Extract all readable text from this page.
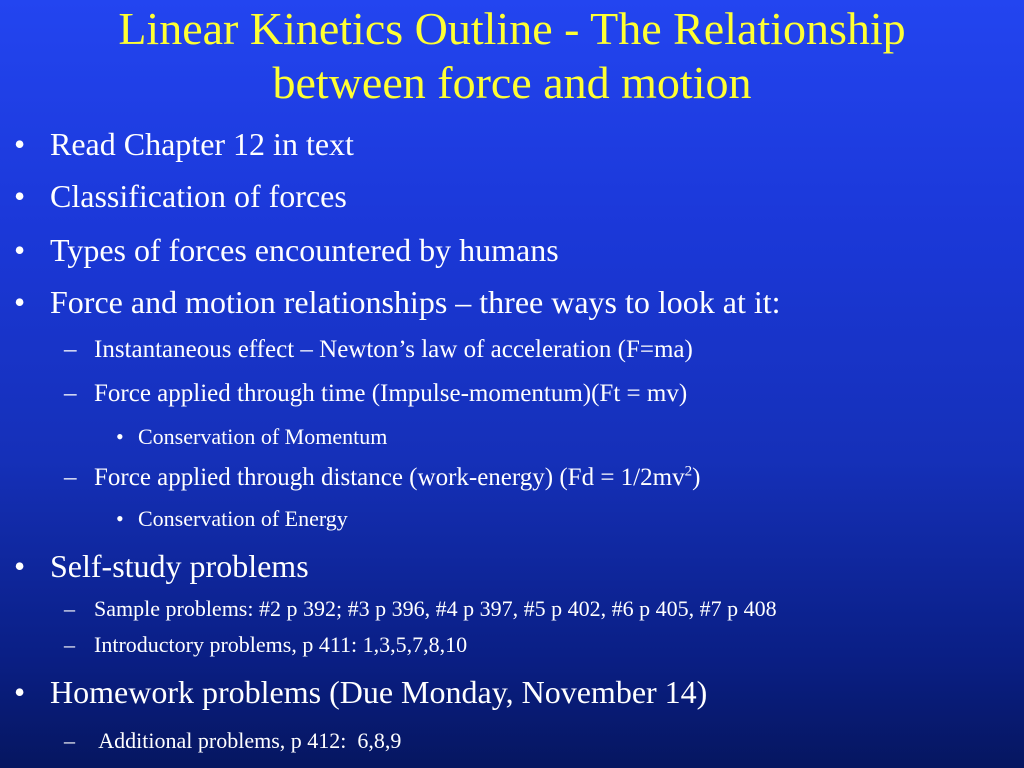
Linear Kinetics Outline - The Relationship
between force and motion
• Read Chapter 12 in text
• Classification of forces
• Types of forces encountered by humans
• Force and motion relationships – three ways to look at it:
– Instantaneous effect – Newton’s law of acceleration (F=ma)
– Force applied through time (Impulse-momentum)(Ft = mv)
• Conservation of Momentum
– Force applied through distance (work-energy) $(Fd = 1/2mv^2)$
• Conservation of Energy
• Self-study problems
– Sample problems: #2 p 392; #3 p 396, #4 p 397, #5 p 402, #6 p 405, #7 p 408
– Introductory problems, p 411: 1,3,5,7,8,10
• Homework problems (Due Monday, November 14)
– Additional problems, p 412:  6,8,9
